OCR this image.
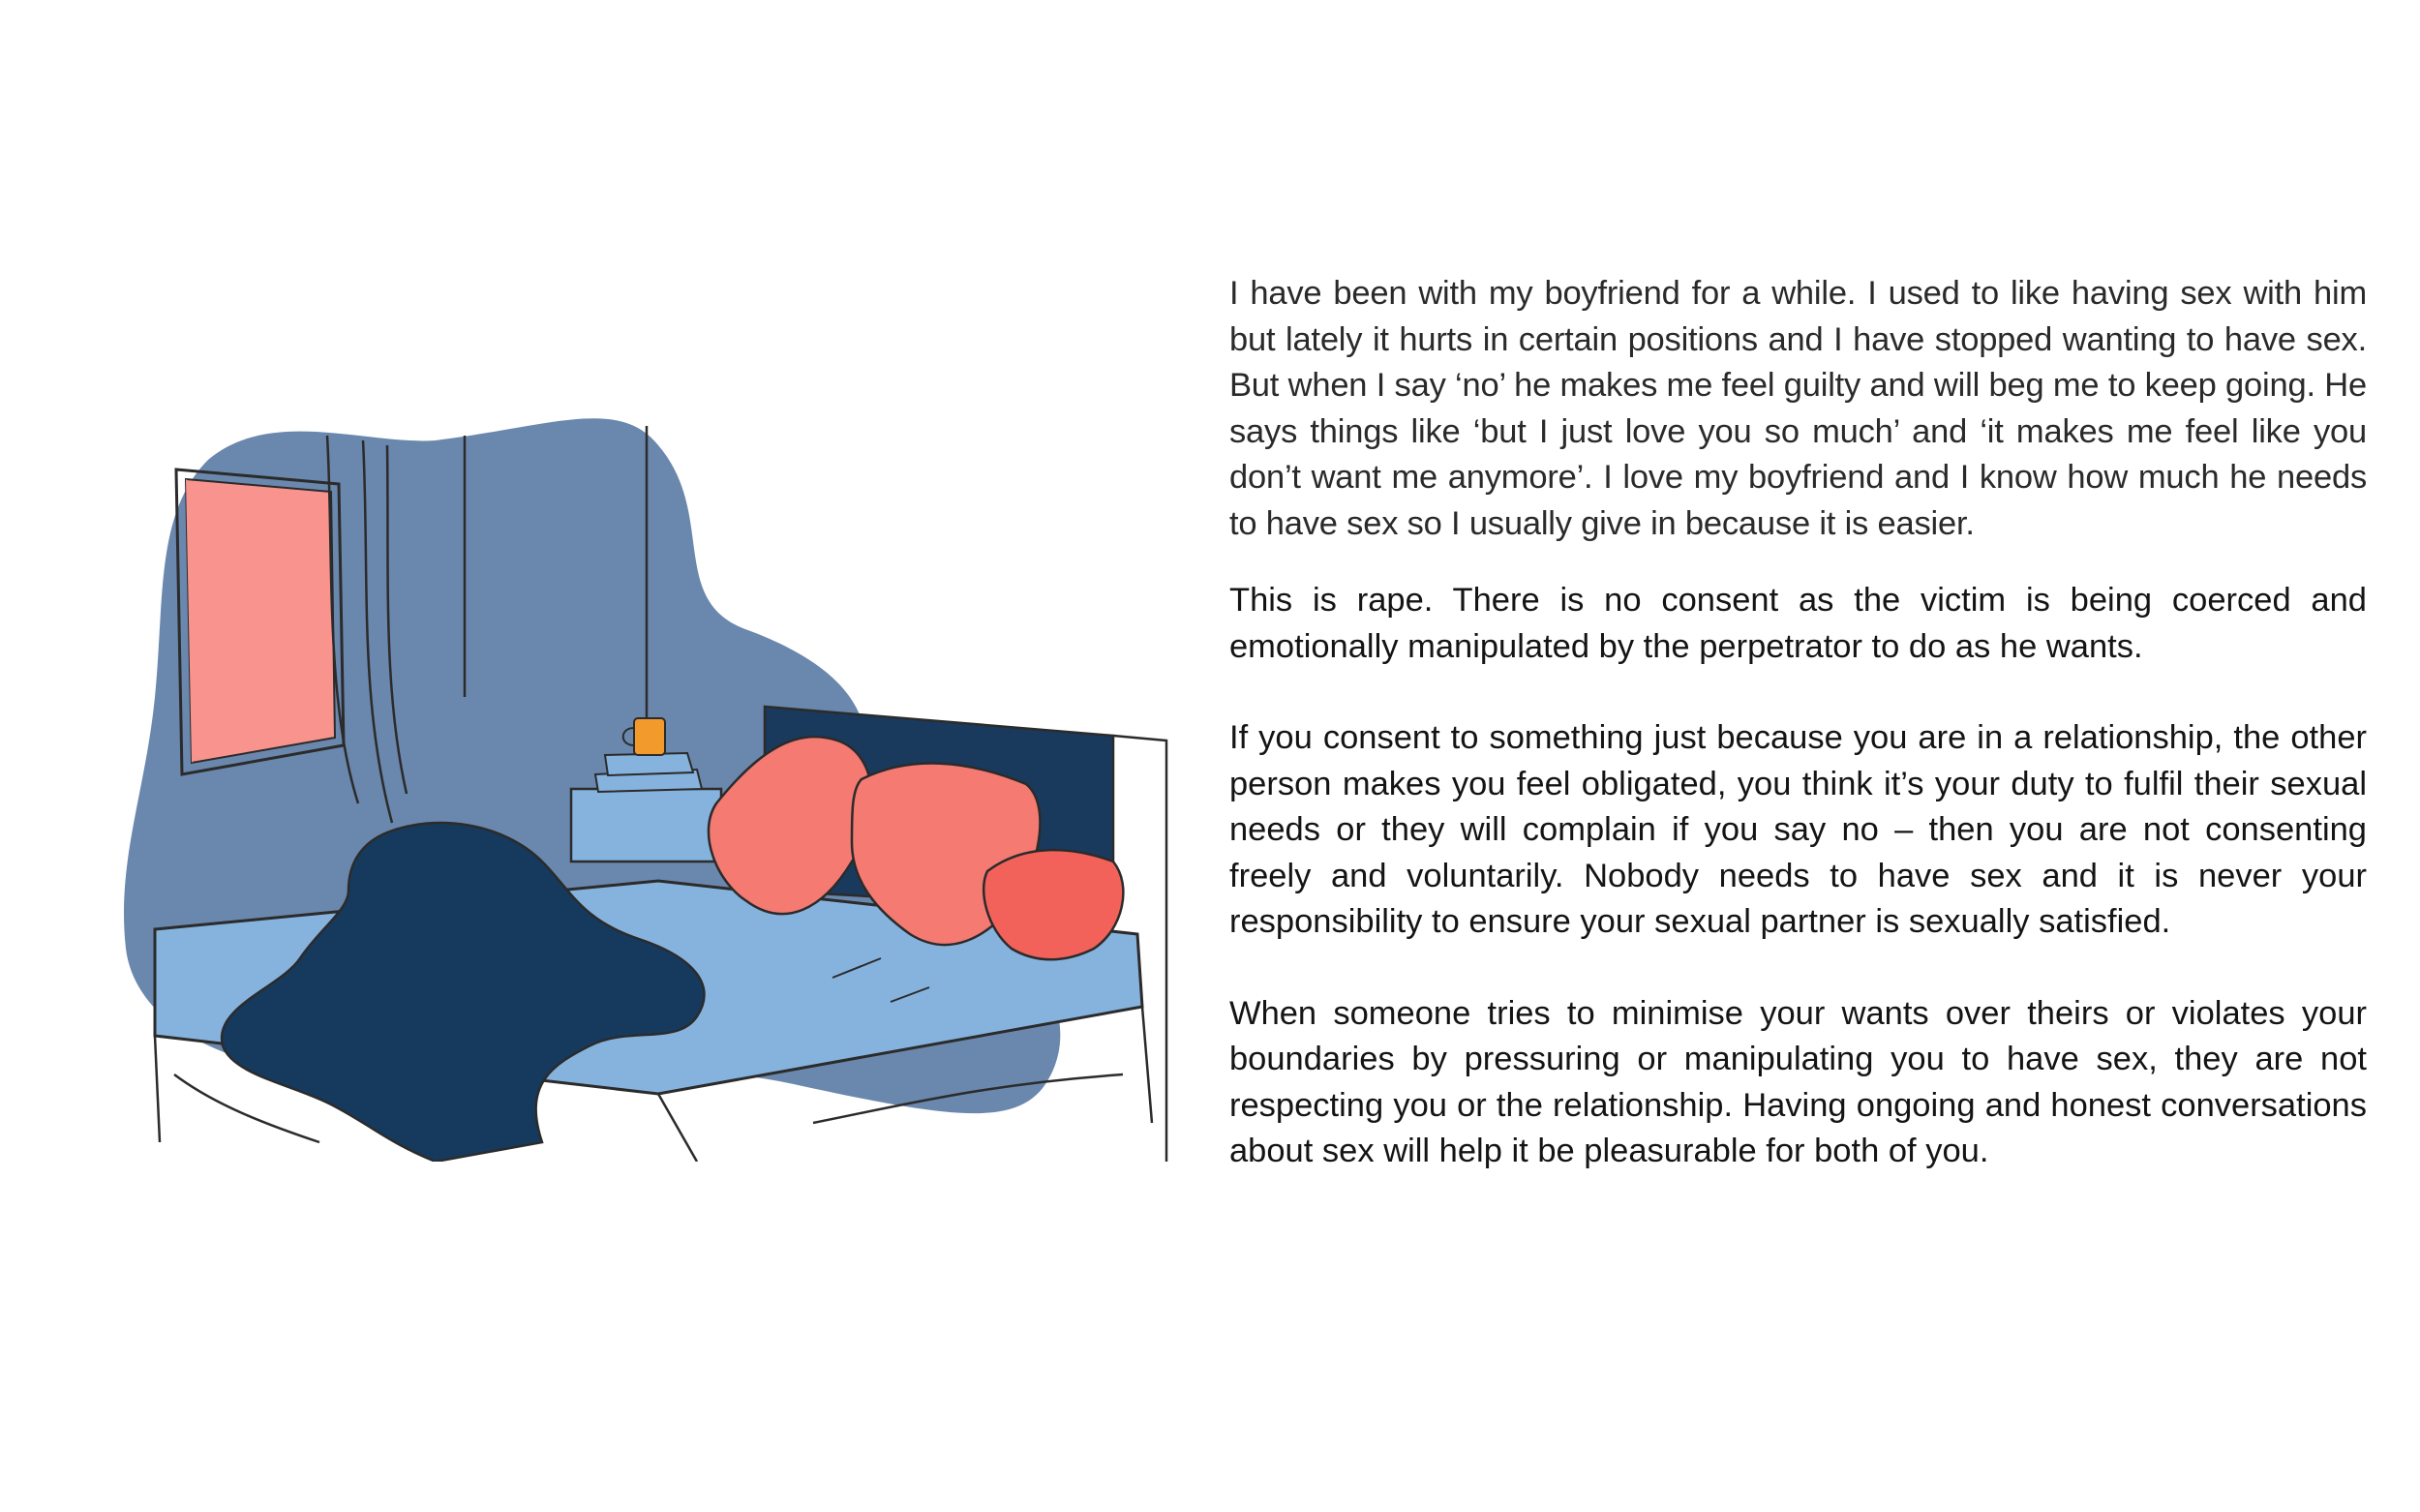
I have been with my boyfriend for a while. I used to like having sex with him but lately it hurts in certain positions and I have stopped wanting to have sex. But when I say ‘no’ he makes me feel guilty and will beg me to keep going. He says things like ‘but I just love you so much’ and ‘it makes me feel like you don’t want me anymore’. I love my boyfriend and I know how much he needs to have sex so I usually give in because it is easier.

This is rape. There is no consent as the victim is being coerced and emotionally manipulated by the perpetrator to do as he wants.

If you consent to something just because you are in a relationship, the other person makes you feel obligated, you think it’s your duty to fulfil their sexual needs or they will complain if you say no – then you are not consenting freely and voluntarily. Nobody needs to have sex and it is never your responsibility to ensure your sexual partner is sexually satisfied.

When someone tries to minimise your wants over theirs or violates your boundaries by pressuring or manipulating you to have sex, they are not respecting you or the relationship. Having ongoing and honest conversations about sex will help it be pleasurable for both of you.
